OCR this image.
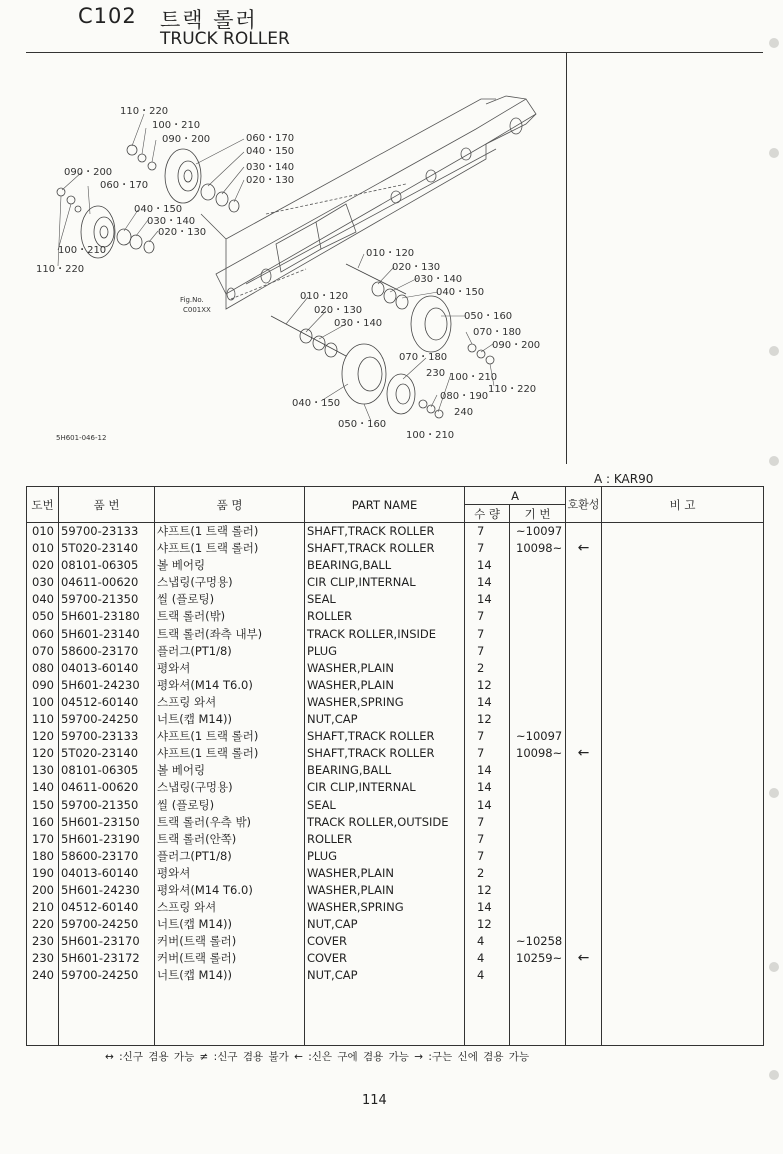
C102 트랙 롤러
TRUCK ROLLER
110・220
100・210
090・200	060・170
040・150
030・140
020・130
090・200
060・170
040・150
030・140
020・130
100・210
110・220
010・120
020・130
030・140
040・150
050・160
070・180
090・200
010・120
020・130
030・140
070・180
230 100・210
110・220
080・190
240
040・150
050・160
100・210
Fig.No.
C001XX
5H601-046-12
A : KAR90
도번	품 번	품 명	PART NAME	A		호환성	비 고
				수 량	기 번		
010	59700-23133	샤프트(1 트랙 롤러)	SHAFT,TRACK ROLLER	7	~10097		
010	5T020-23140	샤프트(1 트랙 롤러)	SHAFT,TRACK ROLLER	7	10098~	←	
020	08101-06305	볼 베어링	BEARING,BALL	14			
030	04611-00620	스냅링(구멍용)	CIR CLIP,INTERNAL	14			
040	59700-21350	씰 (플로팅)	SEAL	14			
050	5H601-23180	트랙 롤러(밖)	ROLLER	7			
060	5H601-23140	트랙 롤러(좌측 내부)	TRACK ROLLER,INSIDE	7			
070	58600-23170	플러그(PT1/8)	PLUG	7			
080	04013-60140	평와셔	WASHER,PLAIN	2			
090	5H601-24230	평와셔(M14 T6.0)	WASHER,PLAIN	12			
100	04512-60140	스프링 와셔	WASHER,SPRING	14			
110	59700-24250	너트(캡 M14))	NUT,CAP	12			
120	59700-23133	샤프트(1 트랙 롤러)	SHAFT,TRACK ROLLER	7	~10097		
120	5T020-23140	샤프트(1 트랙 롤러)	SHAFT,TRACK ROLLER	7	10098~	←	
130	08101-06305	볼 베어링	BEARING,BALL	14			
140	04611-00620	스냅링(구멍용)	CIR CLIP,INTERNAL	14			
150	59700-21350	씰 (플로팅)	SEAL	14			
160	5H601-23150	트랙 롤러(우측 밖)	TRACK ROLLER,OUTSIDE	7			
170	5H601-23190	트랙 롤러(안쪽)	ROLLER	7			
180	58600-23170	플러그(PT1/8)	PLUG	7			
190	04013-60140	평와셔	WASHER,PLAIN	2			
200	5H601-24230	평와셔(M14 T6.0)	WASHER,PLAIN	12			
210	04512-60140	스프링 와셔	WASHER,SPRING	14			
220	59700-24250	너트(캡 M14))	NUT,CAP	12			
230	5H601-23170	커버(트랙 롤러)	COVER	4	~10258		
230	5H601-23172	커버(트랙 롤러)	COVER	4	10259~	←	
240	59700-24250	너트(캡 M14))	NUT,CAP	4			

↔ :신구 겸용 가능 ≠ :신구 겸용 불가 ← :신은 구에 겸용 가능 → :구는 신에 겸용 가능
114
